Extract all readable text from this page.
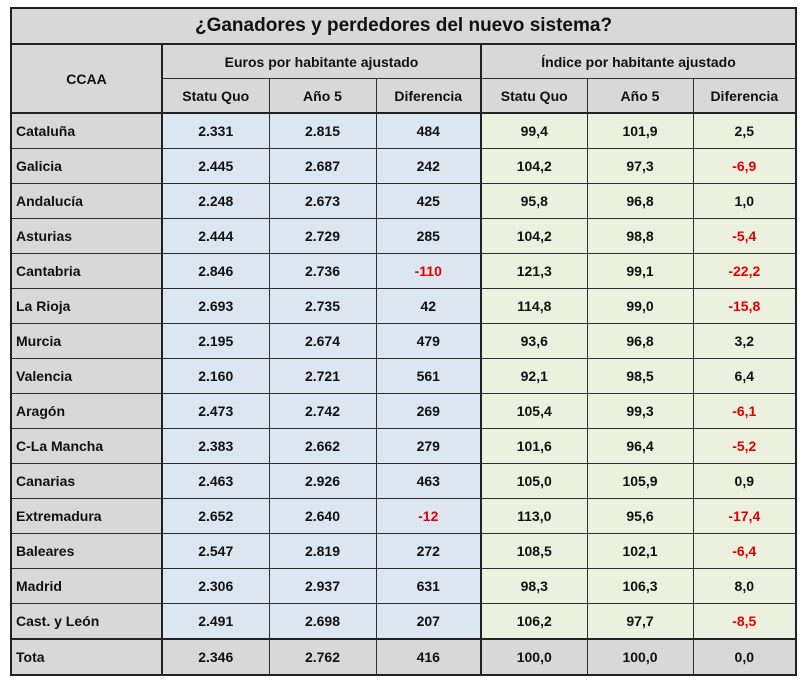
¿Ganadores y perdedores del nuevo sistema?						
CCAA	Euros por habitante ajustado			Índice por habitante ajustado		
	Statu Quo	Año 5	Diferencia	Statu Quo	Año 5	Diferencia
Cataluña	2.331	2.815	484	99,4	101,9	2,5
Galicia	2.445	2.687	242	104,2	97,3	-6,9
Andalucía	2.248	2.673	425	95,8	96,8	1,0
Asturias	2.444	2.729	285	104,2	98,8	-5,4
Cantabria	2.846	2.736	-110	121,3	99,1	-22,2
La Rioja	2.693	2.735	42	114,8	99,0	-15,8
Murcia	2.195	2.674	479	93,6	96,8	3,2
Valencia	2.160	2.721	561	92,1	98,5	6,4
Aragón	2.473	2.742	269	105,4	99,3	-6,1
C-La Mancha	2.383	2.662	279	101,6	96,4	-5,2
Canarias	2.463	2.926	463	105,0	105,9	0,9
Extremadura	2.652	2.640	-12	113,0	95,6	-17,4
Baleares	2.547	2.819	272	108,5	102,1	-6,4
Madrid	2.306	2.937	631	98,3	106,3	8,0
Cast. y León	2.491	2.698	207	106,2	97,7	-8,5
Tota	2.346	2.762	416	100,0	100,0	0,0
